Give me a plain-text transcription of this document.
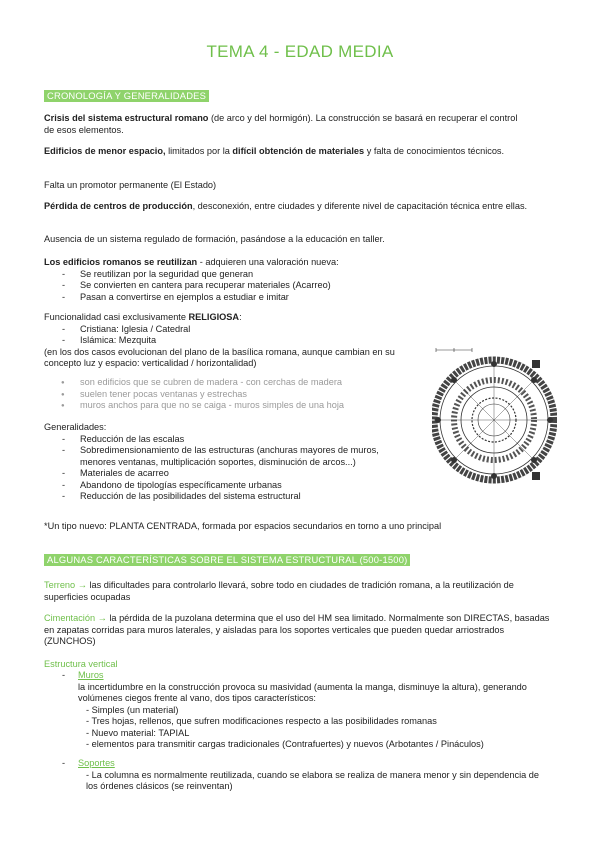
TEMA 4 - EDAD MEDIA
CRONOLOGÍA Y GENERALIDADES
Crisis del sistema estructural romano (de arco y del hormigón). La construcción se basará en recuperar el control de esos elementos.
Edificios de menor espacio, limitados por la difícil obtención de materiales y falta de conocimientos técnicos.
Falta un promotor permanente (El Estado)
Pérdida de centros de producción, desconexión, entre ciudades y diferente nivel de capacitación técnica entre ellas.
Ausencia de un sistema regulado de formación, pasándose a la educación en taller.
Los edificios romanos se reutilizan - adquieren una valoración nueva:
- Se reutilizan por la seguridad que generan
- Se convierten en cantera para recuperar materiales (Acarreo)
- Pasan a convertirse en ejemplos a estudiar e imitar
Funcionalidad casi exclusivamente RELIGIOSA:
- Cristiana: Iglesia / Catedral
- Islámica: Mezquita
(en los dos casos evolucionan del plano de la basílica romana, aunque cambian en su concepto luz y espacio: verticalidad / horizontalidad)
● son edificios que se cubren de madera - con cerchas de madera
● suelen tener pocas ventanas y estrechas
● muros anchos para que no se caiga - muros simples de una hoja
Generalidades:
- Reducción de las escalas
- Sobredimensionamiento de las estructuras (anchuras mayores de muros, menores ventanas, multiplicación soportes, disminución de arcos...)
- Materiales de acarreo
- Abandono de tipologías específicamente urbanas
- Reducción de las posibilidades del sistema estructural
*Un tipo nuevo: PLANTA CENTRADA, formada por espacios secundarios en torno a uno principal
ALGUNAS CARACTERÍSTICAS SOBRE EL SISTEMA ESTRUCTURAL (500-1500)
Terreno → las dificultades para controlarlo llevará, sobre todo en ciudades de tradición romana, a la reutilización de superficies ocupadas
Cimentación → la pérdida de la puzolana determina que el uso del HM sea limitado. Normalmente son DIRECTAS, basadas en zapatas corridas para muros laterales, y aisladas para los soportes verticales que pueden quedar arriostrados (ZUNCHOS)
Estructura vertical
- Muros
la incertidumbre en la construcción provoca su masividad (aumenta la manga, disminuye la altura), generando volúmenes ciegos frente al vano, dos tipos característicos:
- Simples (un material)
- Tres hojas, rellenos, que sufren modificaciones respecto a las posibilidades romanas
- Nuevo material: TAPIAL
- elementos para transmitir cargas tradicionales (Contrafuertes) y nuevos (Arbotantes / Pináculos)
- Soportes
- La columna es normalmente reutilizada, cuando se elabora se realiza de manera menor y sin dependencia de los órdenes clásicos (se reinventan)
